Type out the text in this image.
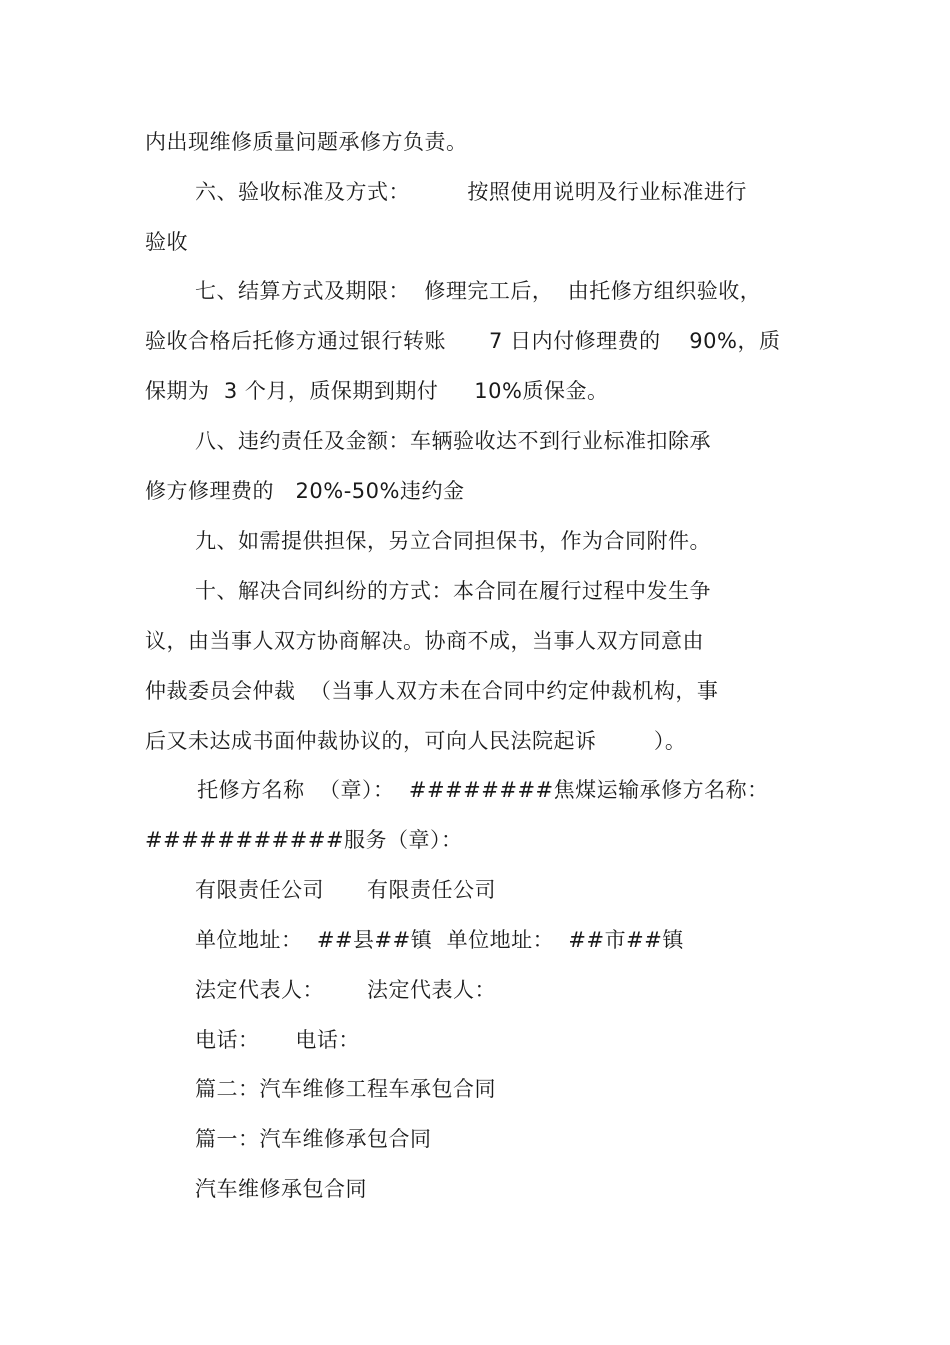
内出现维修质量问题承修方负责。
六、验收标准及方式：        按照使用说明及行业标准进行
验收
七、结算方式及期限：  修理完工后，  由托修方组织验收，
验收合格后托修方通过银行转账      7 日内付修理费的    90%，质
保期为  3 个月，质保期到期付     10%质保金。
八、违约责任及金额：车辆验收达不到行业标准扣除承
修方修理费的   20%-50%违约金
九、如需提供担保，另立合同担保书，作为合同附件。
十、解决合同纠纷的方式：本合同在履行过程中发生争
议，由当事人双方协商解决。协商不成，当事人双方同意由
仲裁委员会仲裁  （当事人双方未在合同中约定仲裁机构，事
后又未达成书面仲裁协议的，可向人民法院起诉        ）。
托修方名称  （章）：  ########焦煤运输承修方名称：
###########服务（章）：
有限责任公司      有限责任公司
单位地址：  ##县##镇  单位地址：  ##市##镇
法定代表人：      法定代表人：
电话：     电话：
篇二：汽车维修工程车承包合同
篇一：汽车维修承包合同
汽车维修承包合同
